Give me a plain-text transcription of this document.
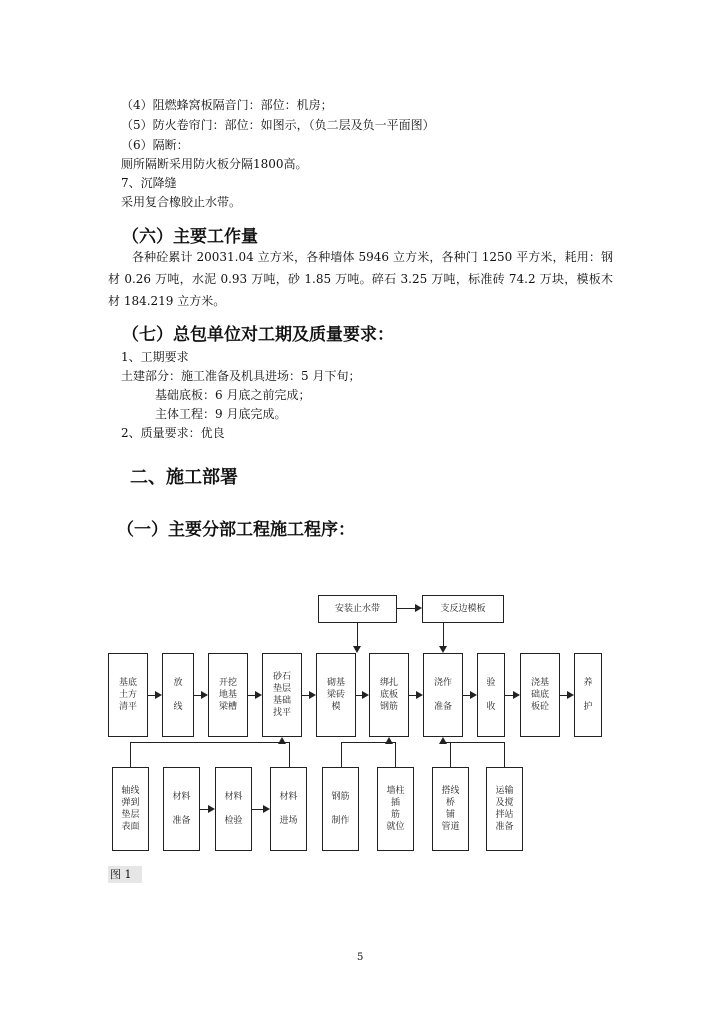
（4）阻燃蜂窝板隔音门：部位：机房；
（5）防火卷帘门：部位：如图示，（负二层及负一平面图）
（6）隔断：
厕所隔断采用防火板分隔1800高。
7、沉降缝
采用复合橡胶止水带。
（六）主要工作量
各种砼累计 20031.04 立方米，各种墙体 5946 立方米，各种门 1250 平方米，耗用：钢材 0.26 万吨，水泥 0.93 万吨，砂 1.85 万吨。碎石 3.25 万吨，标准砖 74.2 万块，模板木材 184.219 立方米。
（七）总包单位对工期及质量要求：
1、工期要求
土建部分：施工准备及机具进场：5 月下旬；
基础底板：6 月底之前完成；
主体工程：9 月底完成。
2、质量要求：优良
二、施工部署
（一）主要分部工程施工程序：
安装止水带	支反边模板
基底
土方
清平
放

线
开挖
地基
梁槽
砂石
垫层
基础
找平
砌基
梁砖
模
绑扎
底板
钢筋
浇作

准备
验

收
浇基
础底
板砼
养

护
轴线
弹到
垫层
表面
材料

准备
材料

检验
材料

进场
钢筋

制作
墙柱
插
筋
就位
搭线
桥
铺
管道
运输
及搅
拌站
准备
图 1
5
